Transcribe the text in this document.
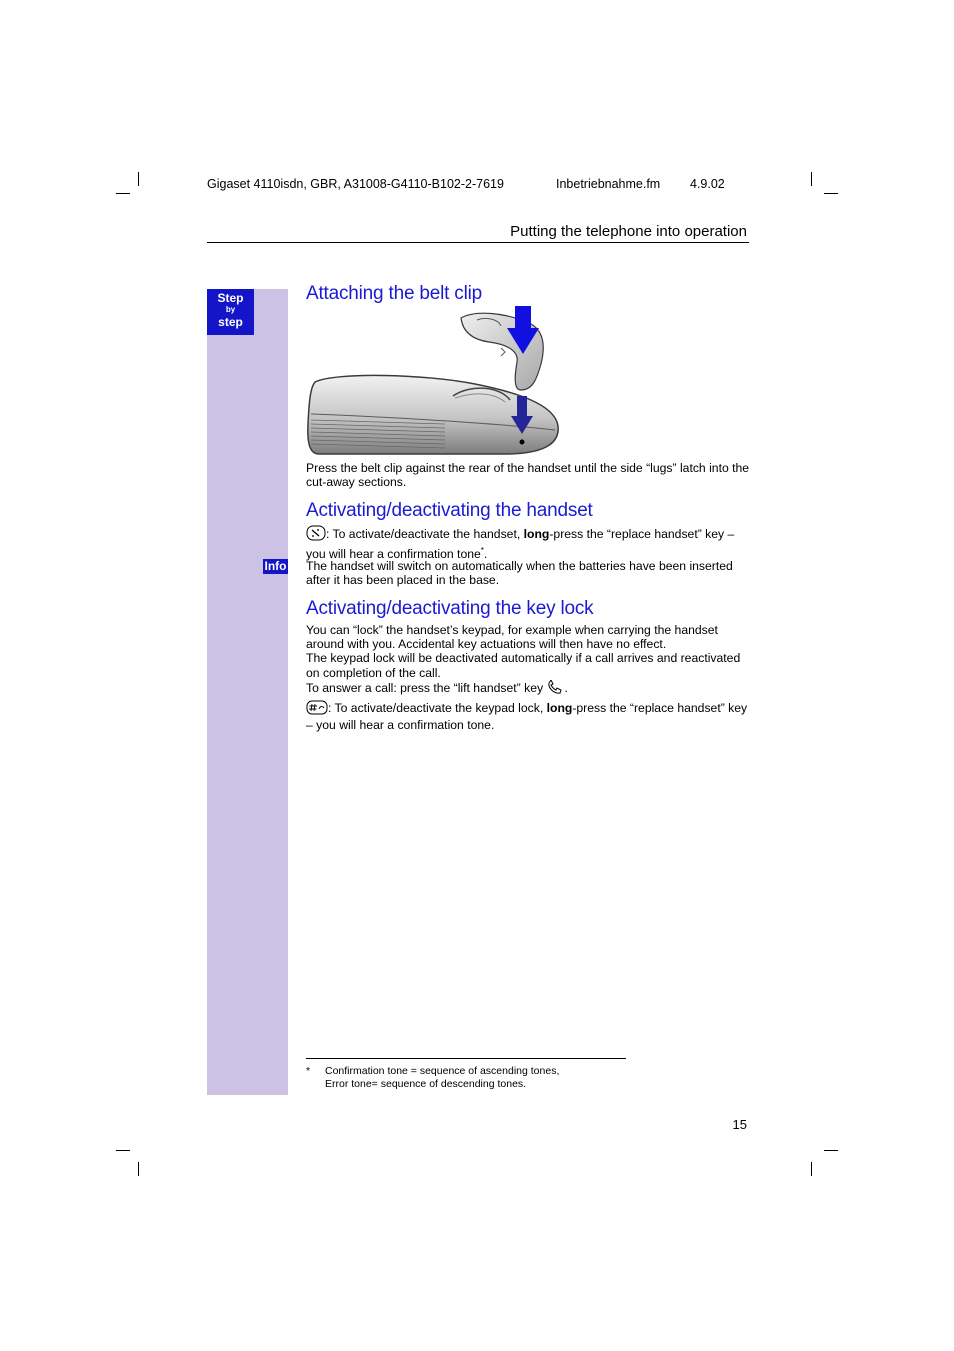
Gigaset 4110isdn, GBR, A31008-G4110-B102-2-7619	Inbetriebnahme.fm 4.9.02
Putting the telephone into operation
Step
by
step
Info
Attaching the belt clip
Press the belt clip against the rear of the handset until the side “lugs” latch into the cut-away sections.
Activating/deactivating the handset
: To activate/deactivate the handset, long-press the “replace handset” key – you will hear a confirmation tone*.
The handset will switch on automatically when the batteries have been inserted after it has been placed in the base.
Activating/deactivating the key lock

You can “lock” the handset’s keypad, for example when carrying the handset around with you. Accidental key actuations will then have no effect.

The keypad lock will be deactivated automatically if a call arrives and reactivated on completion of the call.

To answer a call: press the “lift handset” key .

: To activate/deactivate the keypad lock, long-press the “replace handset” key – you will hear a confirmation tone.
* Confirmation tone = sequence of ascending tones,
Error tone= sequence of descending tones.
15
